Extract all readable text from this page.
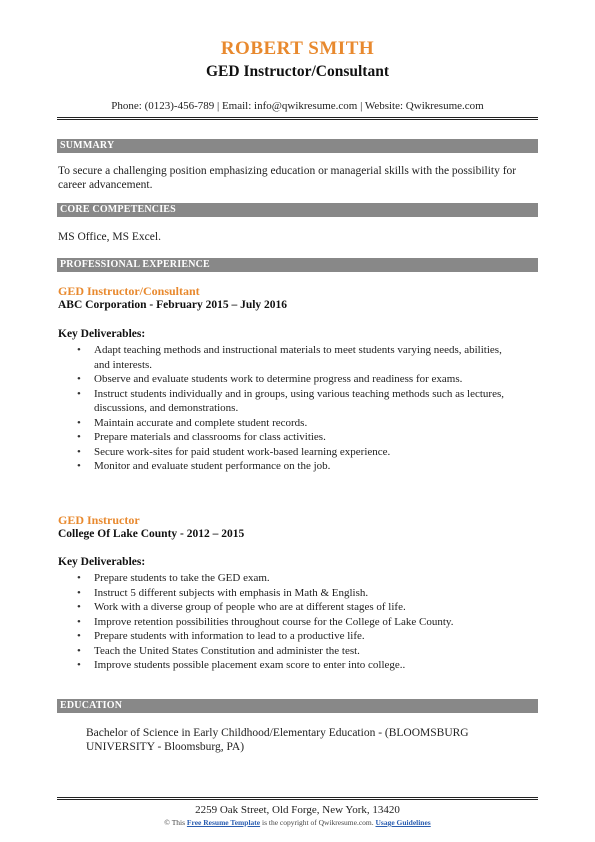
ROBERT SMITH
GED Instructor/Consultant
Phone: (0123)-456-789 | Email: info@qwikresume.com | Website: Qwikresume.com
SUMMARY
To secure a challenging position emphasizing education or managerial skills with the possibility for career advancement.
CORE COMPETENCIES
MS Office, MS Excel.
PROFESSIONAL EXPERIENCE
GED Instructor/Consultant
ABC Corporation - February 2015 – July 2016
Key Deliverables:
• Adapt teaching methods and instructional materials to meet students varying needs, abilities, and interests.
• Observe and evaluate students work to determine progress and readiness for exams.
• Instruct students individually and in groups, using various teaching methods such as lectures, discussions, and demonstrations.
• Maintain accurate and complete student records.
• Prepare materials and classrooms for class activities.
• Secure work-sites for paid student work-based learning experience.
• Monitor and evaluate student performance on the job.
GED Instructor
College Of Lake County - 2012 – 2015
Key Deliverables:
• Prepare students to take the GED exam.
• Instruct 5 different subjects with emphasis in Math & English.
• Work with a diverse group of people who are at different stages of life.
• Improve retention possibilities throughout course for the College of Lake County.
• Prepare students with information to lead to a productive life.
• Teach the United States Constitution and administer the test.
• Improve students possible placement exam score to enter into college..
EDUCATION
Bachelor of Science in Early Childhood/Elementary Education - (BLOOMSBURG UNIVERSITY - Bloomsburg, PA)
2259 Oak Street, Old Forge, New York, 13420
© This Free Resume Template is the copyright of Qwikresume.com. Usage Guidelines
